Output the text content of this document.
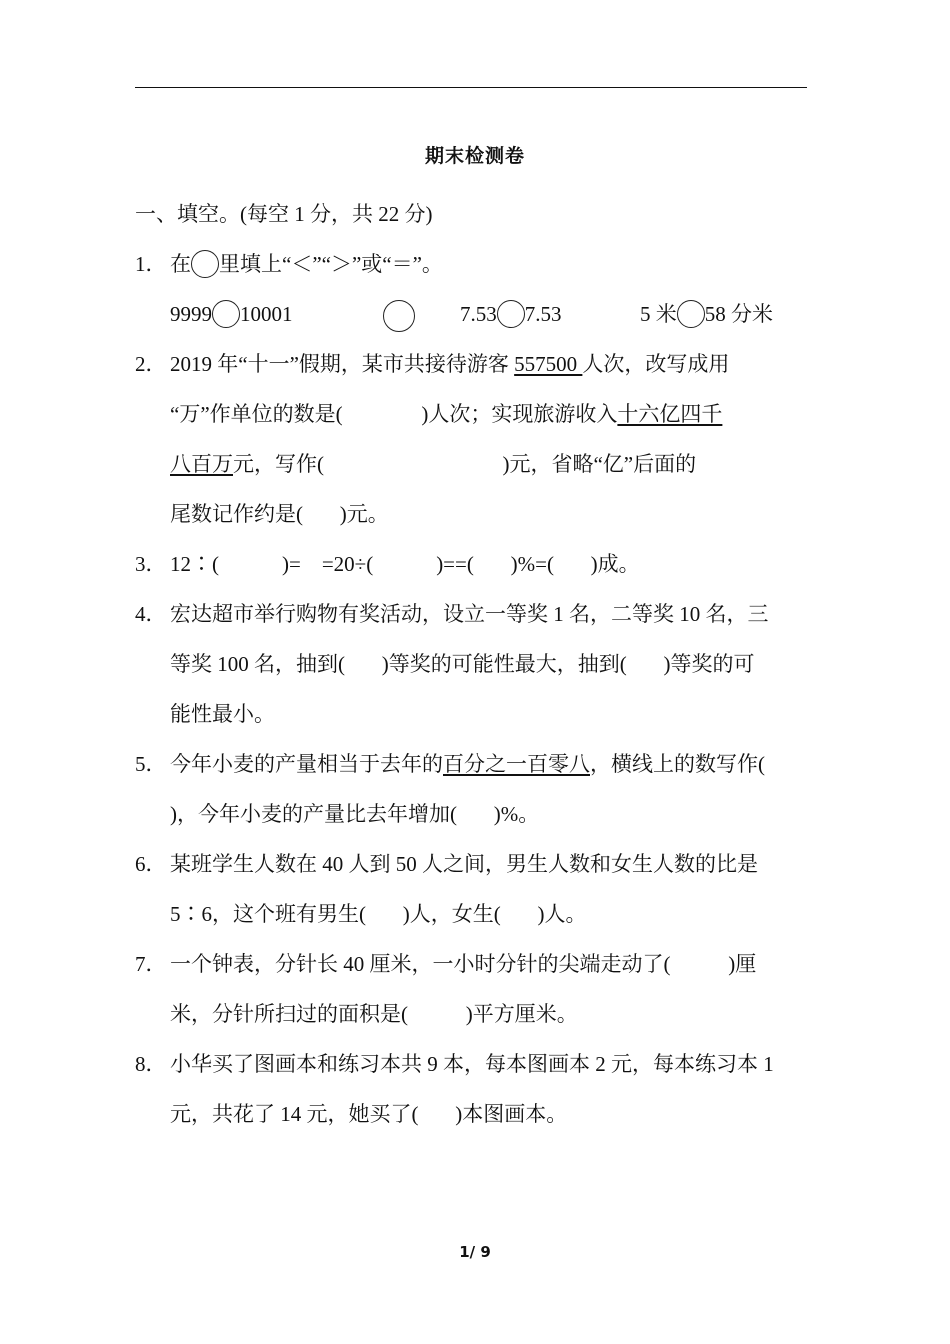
期末检测卷
一、填空。(每空 1 分，共 22 分)
1． 在 里填上“＜”“＞”或“＝”。
9999 10001	7.53 7.53	5 米 58 分米
2． 2019 年“十一”假期，某市共接待游客 557500 人次，改写成用
“万”作单位的数是(               )人次；实现旅游收入十六亿四千
八百万元，写作(                                  )元，省略“亿”后面的
尾数记作约是(       )元。
3． 12∶(            )=    =20÷(            )==(       )%=(       )成。
4． 宏达超市举行购物有奖活动，设立一等奖 1 名，二等奖 10 名，三
等奖 100 名，抽到(       )等奖的可能性最大，抽到(       )等奖的可
能性最小。
5． 今年小麦的产量相当于去年的百分之一百零八，横线上的数写作(
)，今年小麦的产量比去年增加(       )%。
6． 某班学生人数在 40 人到 50 人之间，男生人数和女生人数的比是
5∶6，这个班有男生(       )人，女生(       )人。
7． 一个钟表，分针长 40 厘米，一小时分针的尖端走动了(           )厘
米，分针所扫过的面积是(           )平方厘米。
8． 小华买了图画本和练习本共 9 本，每本图画本 2 元，每本练习本 1
元，共花了 14 元，她买了(       )本图画本。
1/ 9
